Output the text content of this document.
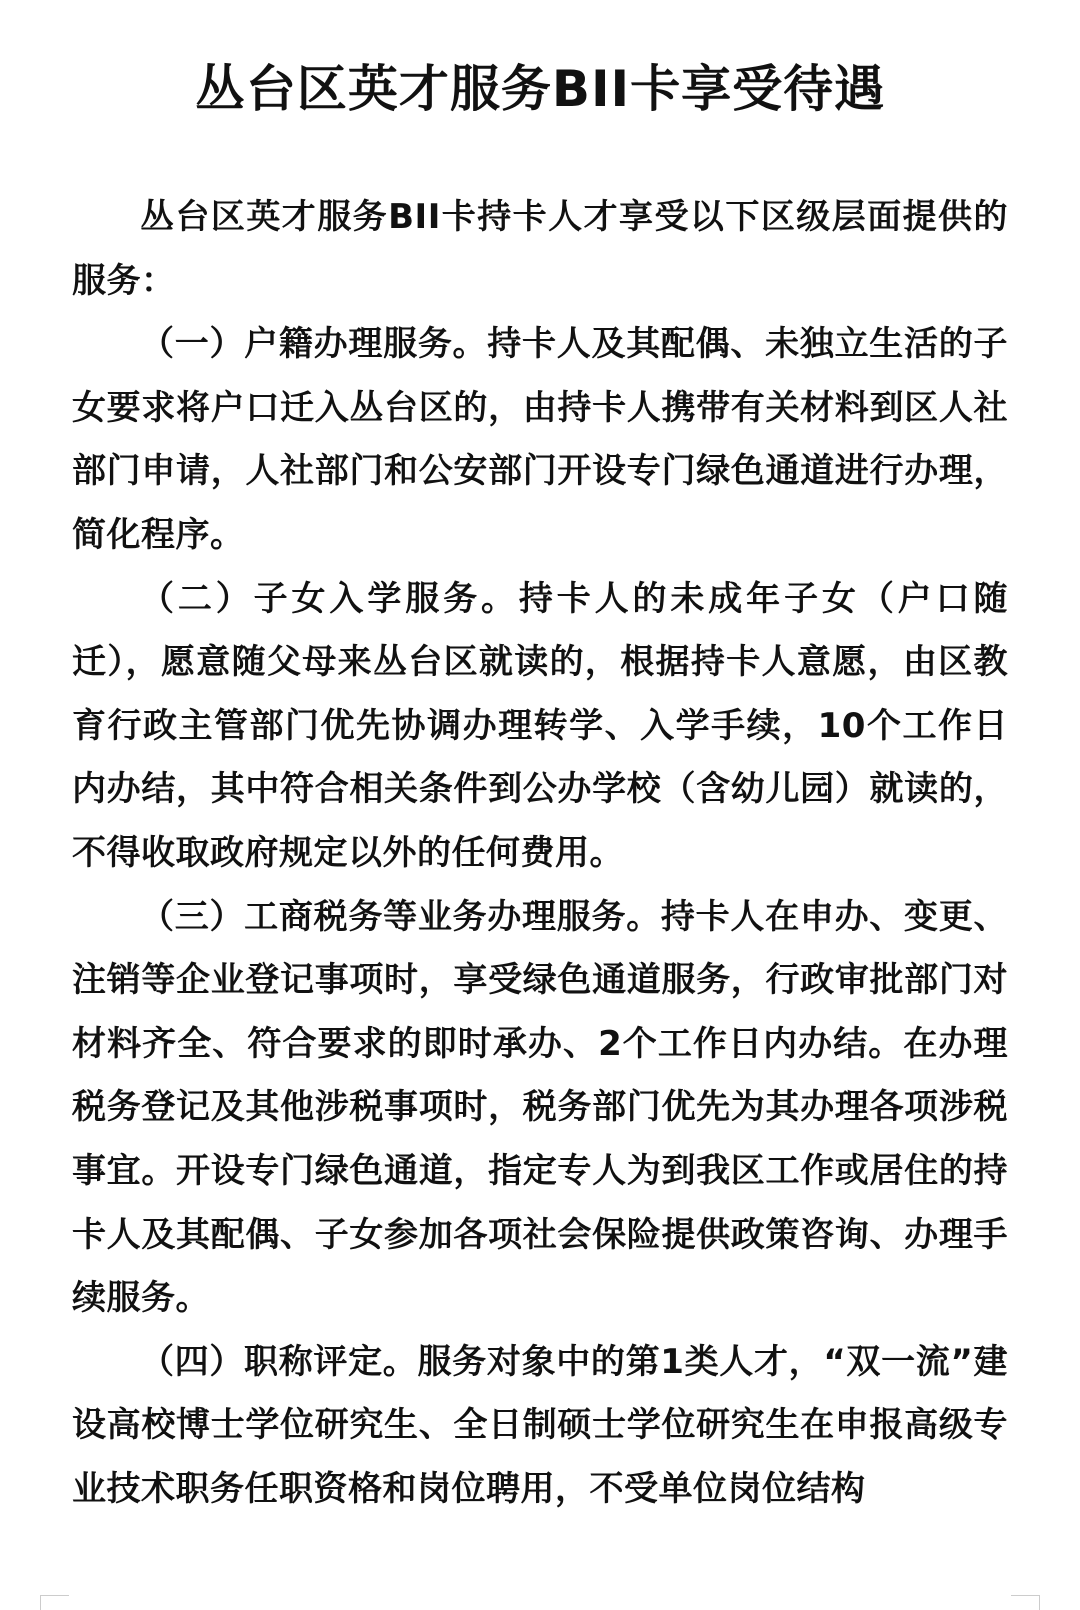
丛台区英才服务BII卡享受待遇

丛台区英才服务BII卡持卡人才享受以下区级层面提供的服务：

（一）户籍办理服务。持卡人及其配偶、未独立生活的子女要求将户口迁入丛台区的，由持卡人携带有关材料到区人社部门申请，人社部门和公安部门开设专门绿色通道进行办理，简化程序。

（二）子女入学服务。持卡人的未成年子女（户口随迁），愿意随父母来丛台区就读的，根据持卡人意愿，由区教育行政主管部门优先协调办理转学、入学手续，10个工作日内办结，其中符合相关条件到公办学校（含幼儿园）就读的，不得收取政府规定以外的任何费用。

（三）工商税务等业务办理服务。持卡人在申办、变更、注销等企业登记事项时，享受绿色通道服务，行政审批部门对材料齐全、符合要求的即时承办、2个工作日内办结。在办理税务登记及其他涉税事项时，税务部门优先为其办理各项涉税事宜。开设专门绿色通道，指定专人为到我区工作或居住的持卡人及其配偶、子女参加各项社会保险提供政策咨询、办理手续服务。

（四）职称评定。服务对象中的第1类人才，“双一流”建设高校博士学位研究生、全日制硕士学位研究生在申报高级专业技术职务任职资格和岗位聘用，不受单位岗位结构
